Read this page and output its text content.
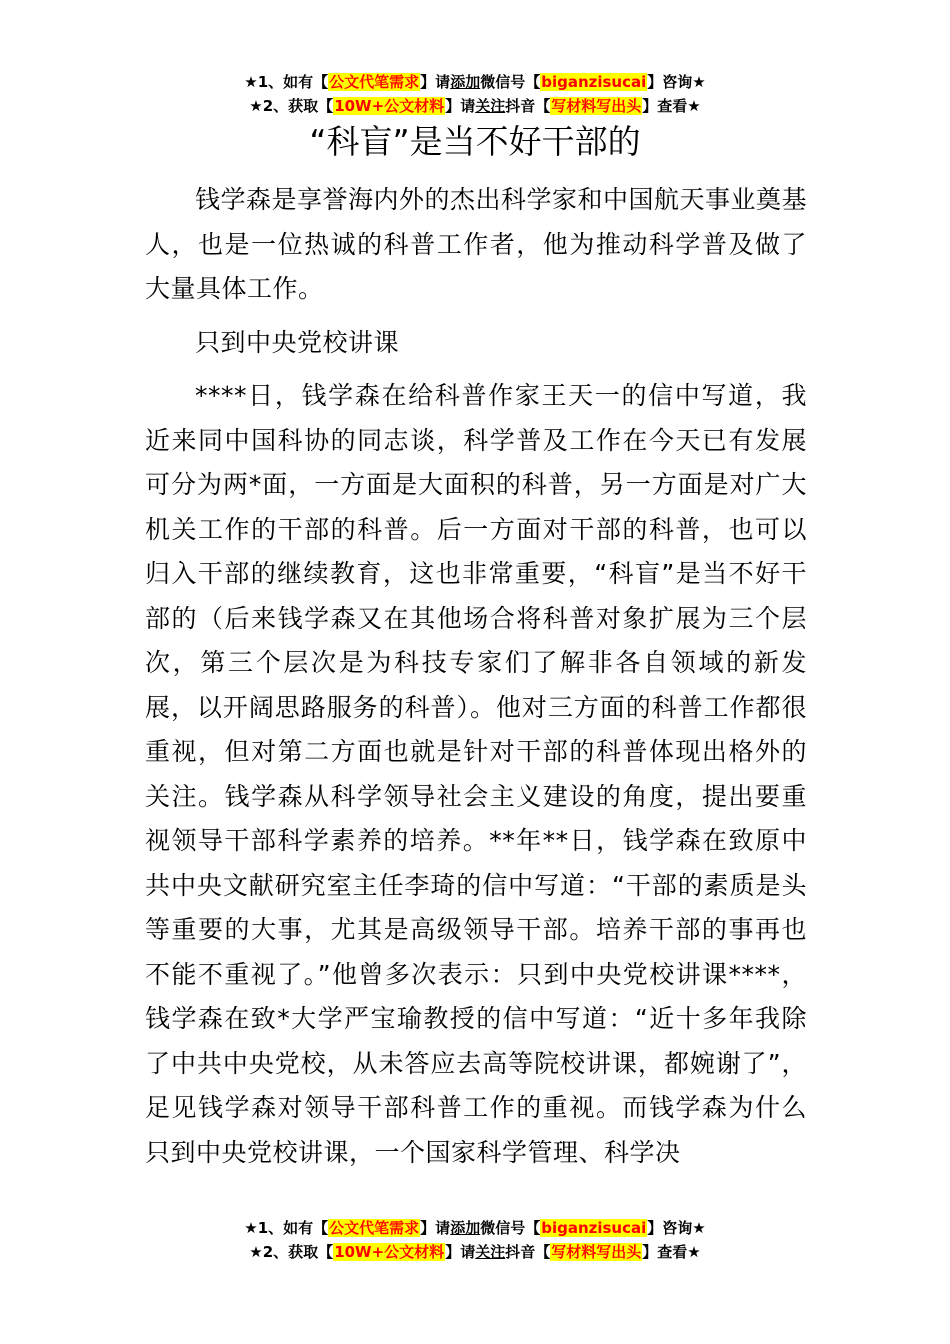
★1、如有【公文代笔需求】请添加微信号【biganzisucai】咨询★
★2、获取【10W+公文材料】请关注抖音【写材料写出头】查看★
“科盲”是当不好干部的

钱学森是享誉海内外的杰出科学家和中国航天事业奠基人，也是一位热诚的科普工作者，他为推动科学普及做了大量具体工作。

只到中央党校讲课

****日，钱学森在给科普作家王天一的信中写道，我近来同中国科协的同志谈，科学普及工作在今天已有发展可分为两*面，一方面是大面积的科普，另一方面是对广大机关工作的干部的科普。后一方面对干部的科普，也可以归入干部的继续教育，这也非常重要，“科盲”是当不好干部的（后来钱学森又在其他场合将科普对象扩展为三个层次，第三个层次是为科技专家们了解非各自领域的新发展，以开阔思路服务的科普）。他对三方面的科普工作都很重视，但对第二方面也就是针对干部的科普体现出格外的关注。钱学森从科学领导社会主义建设的角度，提出要重视领导干部科学素养的培养。**年**日，钱学森在致原中共中央文献研究室主任李琦的信中写道：“干部的素质是头等重要的大事，尤其是高级领导干部。培养干部的事再也不能不重视了。”他曾多次表示：只到中央党校讲课****，钱学森在致*大学严宝瑜教授的信中写道：“近十多年我除了中共中央党校，从未答应去高等院校讲课，都婉谢了”，足见钱学森对领导干部科普工作的重视。而钱学森为什么只到中央党校讲课，一个国家科学管理、科学决

★1、如有【公文代笔需求】请添加微信号【biganzisucai】咨询★
★2、获取【10W+公文材料】请关注抖音【写材料写出头】查看★
